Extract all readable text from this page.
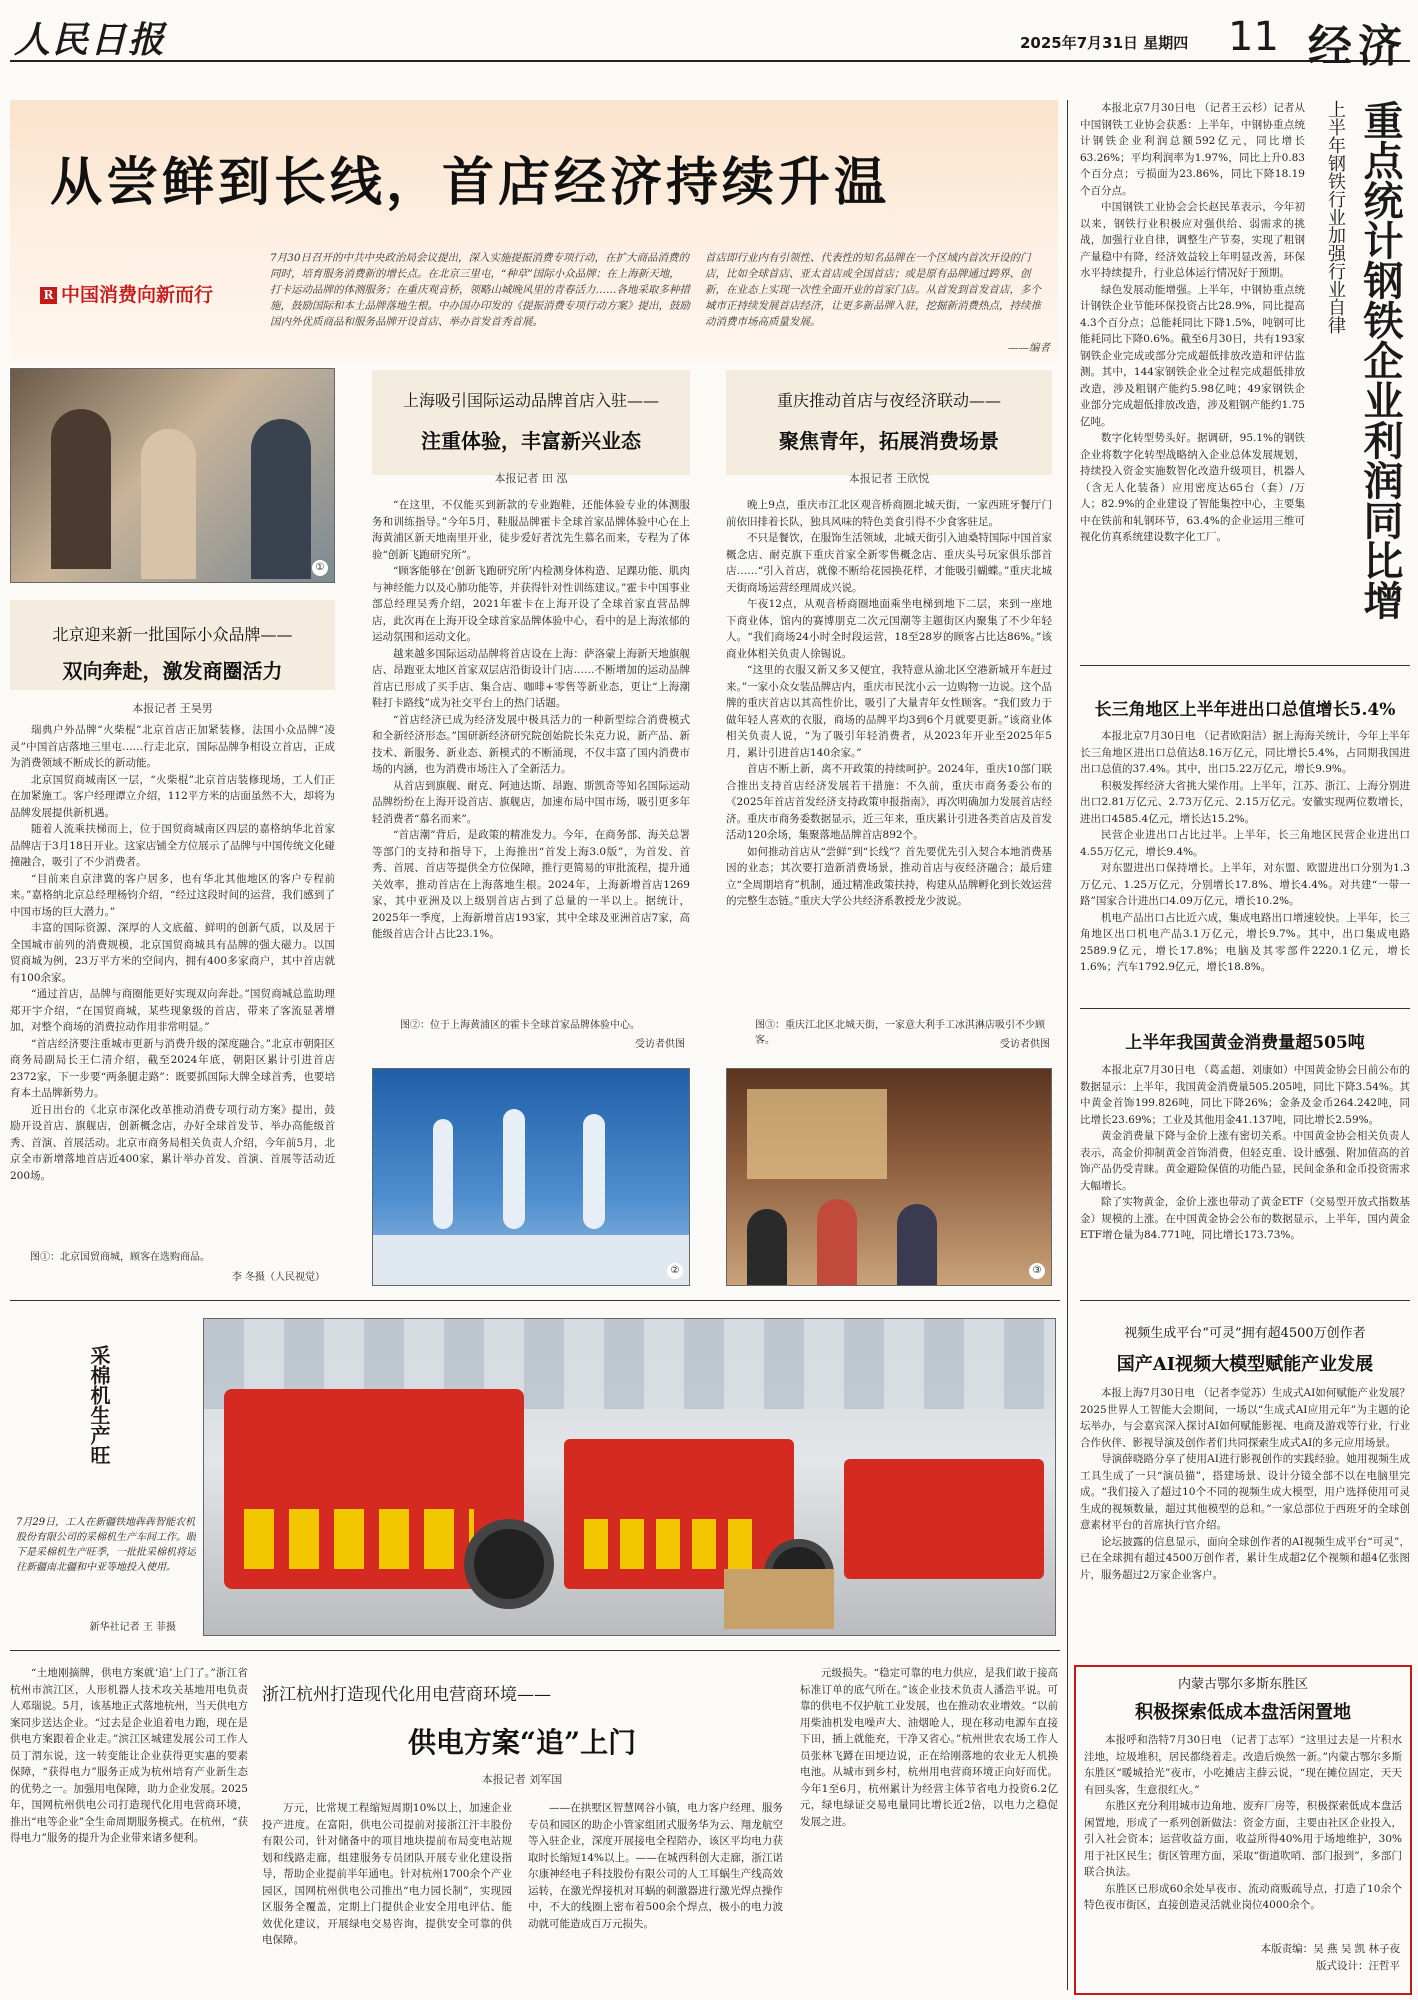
人民日报	2025年7月31日 星期四 11 经济
从尝鲜到长线，首店经济持续升温
R 中国消费向新而行
7月30日召开的中共中央政治局会议提出，深入实施提振消费专项行动，在扩大商品消费的同时，培育服务消费新的增长点。在北京三里屯，“种草”国际小众品牌；在上海新天地，打卡运动品牌的体测服务；在重庆观音桥，领略山城晚风里的青春活力……各地采取多种措施，鼓励国际和本土品牌落地生根。中办国办印发的《提振消费专项行动方案》提出，鼓励国内外优质商品和服务品牌开设首店、举办首发首秀首展。
首店即行业内有引领性、代表性的知名品牌在一个区域内首次开设的门店，比如全球首店、亚太首店或全国首店；或是原有品牌通过跨界、创新，在业态上实现一次性全面开业的首家门店。从首发到首发首店，多个城市正持续发展首店经济，让更多新品牌入驻，挖掘新消费热点，持续推动消费市场高质量发展。
——编者
①
北京迎来新一批国际小众品牌——
双向奔赴，激发商圈活力
本报记者 王昊男

瑞典户外品牌“火柴棍”北京首店正加紧装修，法国小众品牌“凌灵”中国首店落地三里屯……行走北京，国际品牌争相设立首店，正成为消费领域不断成长的新动能。

北京国贸商城南区一层，“火柴棍”北京首店装修现场，工人们正在加紧施工。客户经理谭立介绍，112平方米的店面虽然不大，却将为品牌发展提供新机遇。

随着人流乘扶梯而上，位于国贸商城南区四层的嘉格纳华北首家品牌店于3月18日开业。这家店铺全方位展示了品牌与中国传统文化碰撞融合，吸引了不少消费者。

“目前来自京津冀的客户居多，也有华北其他地区的客户专程前来。”嘉格纳北京总经理杨钧介绍，“经过这段时间的运营，我们感到了中国市场的巨大潜力。”

丰富的国际资源、深厚的人文底蕴、鲜明的创新气质，以及居于全国城市前列的消费规模，北京国贸商城具有品牌的强大磁力。以国贸商城为例，23万平方米的空间内，拥有400多家商户，其中首店就有100余家。

“通过首店，品牌与商圈能更好实现双向奔赴。”国贸商城总监助理郑开宇介绍，“在国贸商城，某些现象级的首店，带来了客流显著增加，对整个商场的消费拉动作用非常明显。”

“首店经济要注重城市更新与消费升级的深度融合。”北京市朝阳区商务局副局长王仁清介绍，截至2024年底，朝阳区累计引进首店2372家，下一步要“两条腿走路”：既要抓国际大牌全球首秀，也要培育本土品牌新势力。

近日出台的《北京市深化改革推动消费专项行动方案》提出，鼓励开设首店、旗舰店，创新概念店，办好全球首发节、举办高能级首秀、首演、首展活动。北京市商务局相关负责人介绍，今年前5月，北京全市新增落地首店近400家，累计举办首发、首演、首展等活动近200场。

图①：北京国贸商城，顾客在选购商品。
李 冬摄（人民视觉）
上海吸引国际运动品牌首店入驻——
注重体验，丰富新兴业态
本报记者 田 泓

“在这里，不仅能买到新款的专业跑鞋，还能体验专业的体测服务和训练指导。”今年5月，鞋服品牌霍卡全球首家品牌体验中心在上海黄浦区新天地南里开业，徒步爱好者沈先生慕名而来，专程为了体验“创新飞跑研究所”。

“顾客能够在‘创新飞跑研究所’内检测身体构造、足踝功能、肌肉与神经能力以及心肺功能等，并获得针对性训练建议。”霍卡中国事业部总经理吴秀介绍，2021年霍卡在上海开设了全球首家直营品牌店，此次再在上海开设全球首家品牌体验中心，看中的是上海浓郁的运动氛围和运动文化。

越来越多国际运动品牌将首店设在上海：萨洛蒙上海新天地旗舰店、昂跑亚太地区首家双层店沿街设计门店……不断增加的运动品牌首店已形成了买手店、集合店、咖啡+零售等新业态，更让“上海潮鞋打卡路线”成为社交平台上的热门话题。

“首店经济已成为经济发展中极具活力的一种新型综合消费模式和全新经济形态。”国研新经济研究院创始院长朱克力说，新产品、新技术、新服务、新业态、新模式的不断涌现，不仅丰富了国内消费市场的内涵，也为消费市场注入了全新活力。

从首店到旗舰、耐克、阿迪达斯、昂跑、斯凯奇等知名国际运动品牌纷纷在上海开设首店、旗舰店，加速布局中国市场，吸引更多年轻消费者“慕名而来”。

“首店潮”背后，是政策的精准发力。今年，在商务部、海关总署等部门的支持和指导下，上海推出“首发上海3.0版”，为首发、首秀、首展、首店等提供全方位保障，推行更简易的审批流程，提升通关效率，推动首店在上海落地生根。2024年，上海新增首店1269家，其中亚洲及以上级别首店占到了总量的一半以上。据统计，2025年一季度，上海新增首店193家，其中全球及亚洲首店7家，高能级首店合计占比23.1%。

图②：位于上海黄浦区的霍卡全球首家品牌体验中心。
受访者供图
②
重庆推动首店与夜经济联动——
聚焦青年，拓展消费场景
本报记者 王欣悦

晚上9点，重庆市江北区观音桥商圈北城天街，一家西班牙餐厅门前依旧排着长队，独具风味的特色美食引得不少食客驻足。

不只是餐饮，在服饰生活领域，北城天街引入迪桑特国际中国首家概念店、耐克旗下重庆首家全新零售概念店、重庆头号玩家俱乐部首店……“引入首店，就像不断给花园换花样，才能吸引蝴蝶。”重庆北城天街商场运营经理周成兴说。

午夜12点，从观音桥商圈地面乘坐电梯到地下二层，来到一座地下商业体，馆内的赛博朋克二次元国潮等主题街区内聚集了不少年轻人。“我们商场24小时全时段运营，18至28岁的顾客占比达86%。”该商业体相关负责人徐锡说。

“这里的衣服又新又多又便宜，我特意从渝北区空港新城开车赶过来。”一家小众女装品牌店内，重庆市民沈小云一边购物一边说。这个品牌的重庆首店以其高性价比，吸引了大量青年女性顾客。“我们致力于做年轻人喜欢的衣服，商场的品牌平均3到6个月就要更新。”该商业体相关负责人说，“为了吸引年轻消费者，从2023年开业至2025年5月，累计引进首店140余家。”

首店不断上新，离不开政策的持续呵护。2024年，重庆10部门联合推出支持首店经济发展若干措施：不久前，重庆市商务委公布的《2025年首店首发经济支持政策申报指南》，再次明确加力发展首店经济。重庆市商务委数据显示，近三年来，重庆累计引进各类首店及首发活动120余场，集聚落地品牌首店892个。

如何推动首店从“尝鲜”到“长线”？首先要优先引入契合本地消费基因的业态；其次要打造新消费场景，推动首店与夜经济融合；最后建立“全周期培育”机制，通过精准政策扶持，构建从品牌孵化到长效运营的完整生态链。”重庆大学公共经济系教授龙少波说。

图③：重庆江北区北城天街，一家意大利手工冰淇淋店吸引不少顾客。	受访者供图
③

本报北京7月30日电 （记者王云杉）记者从中国钢铁工业协会获悉：上半年，中钢协重点统计钢铁企业利润总额592亿元，同比增长63.26%；平均利润率为1.97%，同比上升0.83个百分点；亏损面为23.86%，同比下降18.19个百分点。

中国钢铁工业协会会长赵民革表示，今年初以来，钢铁行业积极应对强供给、弱需求的挑战，加强行业自律，调整生产节奏，实现了粗钢产量稳中有降，经济效益较上年明显改善，环保水平持续提升，行业总体运行情况好于预期。

绿色发展动能增强。上半年，中钢协重点统计钢铁企业节能环保投资占比28.9%，同比提高4.3个百分点；总能耗同比下降1.5%，吨钢可比能耗同比下降0.6%。截至6月30日，共有193家钢铁企业完成或部分完成超低排放改造和评估监测。其中，144家钢铁企业全过程完成超低排放改造，涉及粗钢产能约5.98亿吨；49家钢铁企业部分完成超低排放改造，涉及粗钢产能约1.75亿吨。

数字化转型势头好。据调研，95.1%的钢铁企业将数字化转型战略纳入企业总体发展规划，持续投入资金实施数智化改造升级项目，机器人（含无人化装备）应用密度达65台（套）/万人；82.9%的企业建设了智能集控中心，主要集中在铁前和轧钢环节，63.4%的企业运用三维可视化仿真系统建设数字化工厂。

重点统计钢铁企业利润同比增
上半年钢铁行业加强行业自律
长三角地区上半年进出口总值增长5.4%

本报北京7月30日电 （记者欧阳洁）据上海海关统计，今年上半年长三角地区进出口总值达8.16万亿元，同比增长5.4%，占同期我国进出口总值的37.4%。其中，出口5.22万亿元，增长9.9%。

积极发挥经济大省挑大梁作用。上半年，江苏、浙江、上海分别进出口2.81万亿元、2.73万亿元、2.15万亿元。安徽实现两位数增长，进出口4585.4亿元，增长达15.2%。

民营企业进出口占比过半。上半年，长三角地区民营企业进出口4.55万亿元，增长9.4%。

对东盟进出口保持增长。上半年，对东盟、欧盟进出口分别为1.3万亿元、1.25万亿元，分别增长17.8%、增长4.4%。对共建“一带一路”国家合计进出口4.09万亿元，增长10.2%。

机电产品出口占比近六成，集成电路出口增速较快。上半年，长三角地区出口机电产品3.1万亿元，增长9.7%。其中，出口集成电路2589.9亿元，增长17.8%；电脑及其零部件2220.1亿元，增长1.6%；汽车1792.9亿元，增长18.8%。

上半年我国黄金消费量超505吨

本报北京7月30日电 （葛孟超、刘康如）中国黄金协会日前公布的数据显示：上半年，我国黄金消费量505.205吨，同比下降3.54%。其中黄金首饰199.826吨，同比下降26%；金条及金币264.242吨，同比增长23.69%；工业及其他用金41.137吨，同比增长2.59%。

黄金消费量下降与金价上涨有密切关系。中国黄金协会相关负责人表示，高金价抑制黄金首饰消费，但轻克重、设计感强、附加值高的首饰产品仍受青睐。黄金避险保值的功能凸显，民间金条和金币投资需求大幅增长。

除了实物黄金，金价上涨也带动了黄金ETF（交易型开放式指数基金）规模的上涨。在中国黄金协会公布的数据显示，上半年，国内黄金ETF增仓量为84.771吨，同比增长173.73%。

视频生成平台“可灵”拥有超4500万创作者
国产AI视频大模型赋能产业发展

本报上海7月30日电 （记者李觉苏）生成式AI如何赋能产业发展？2025世界人工智能大会期间，一场以“生成式AI应用元年”为主题的论坛举办，与会嘉宾深入探讨AI如何赋能影视、电商及游戏等行业，行业合作伙伴、影视导演及创作者们共同探索生成式AI的多元应用场景。

导演薛晓路分享了使用AI进行影视创作的实践经验。她用视频生成工具生成了一只“演员猫”，搭建场景、设计分镜全部不以在电脑里完成。“我们接入了超过10个不同的视频生成大模型，用户选择使用可灵生成的视频数量，超过其他模型的总和。”一家总部位于西班牙的全球创意素材平台的首席执行官介绍。

论坛披露的信息显示，面向全球创作者的AI视频生成平台“可灵”，已在全球拥有超过4500万创作者，累计生成超2亿个视频和超4亿张图片，服务超过2万家企业客户。

内蒙古鄂尔多斯东胜区
积极探索低成本盘活闲置地

本报呼和浩特7月30日电 （记者丁志军）“这里过去是一片积水洼地，垃圾堆积，居民都绕着走。改造后焕然一新。”内蒙古鄂尔多斯东胜区“暖城拾光”夜市，小吃摊店主薛云说，“现在摊位固定，天天有回头客，生意很红火。”

东胜区充分利用城市边角地、废弃厂房等，积极探索低成本盘活闲置地，形成了一系列创新做法：资金方面，主要由社区企业投入，引入社会资本；运营收益方面，收益所得40%用于场地维护，30%用于社区民生；街区管理方面，采取“街道吹哨、部门报到”，多部门联合执法。

东胜区已形成60余处早夜市、流动商贩疏导点，打造了10余个特色夜市街区，直接创造灵活就业岗位4000余个。

本版责编：吴 燕 吴 凯 林子夜
版式设计：汪哲平
采棉机生产旺
7月29日，工人在新疆铁地犇犇智能农机股份有限公司的采棉机生产车间工作。眼下是采棉机生产旺季，一批批采棉机将运往新疆南北疆和中亚等地投入使用。
新华社记者 王 菲摄

“土地刚摘牌，供电方案就‘追’上门了。”浙江省杭州市滨江区，人形机器人技术攻关基地用电负责人邓瑞说。5月，该基地正式落地杭州，当天供电方案同步送达企业。“过去是企业追着电力跑，现在是供电方案跟着企业走。”滨江区城建发展公司工作人员丁渭东说，这一转变能让企业获得更实惠的要素保障，“获得电力”服务正成为杭州培育产业新生态的优势之一。加强用电保障，助力企业发展。2025年，国网杭州供电公司打造现代化用电营商环境，推出“电等企业”全生命周期服务模式。在杭州，“获得电力”服务的提升为企业带来诸多便利。

浙江杭州打造现代化用电营商环境——
供电方案“追”上门
本报记者 刘军国

万元，比常规工程缩短周期10%以上，加速企业投产进度。在富阳，供电公司提前对接浙江汗丰股份有限公司，针对储备中的项目地块提前布局变电站规划和线路走廊，组建服务专员团队开展专业化建设指导，帮助企业提前半年通电。针对杭州1700余个产业园区，国网杭州供电公司推出“电力园长制”，实现园区服务全覆盖，定期上门提供企业安全用电评估、能效优化建议，开展绿电交易咨询，提供安全可靠的供电保障。

——在拱墅区智慧网谷小镇，电力客户经理、服务专员和园区的助企小管家组团式服务华为云、翔龙航空等入驻企业，深度开展接电全程陪办，该区平均电力获取时长缩短14%以上。——在城西科创大走廊，浙江诺尔康神经电子科技股份有限公司的人工耳蜗生产线高效运转，在激光焊接机对耳蜗的刺激器进行激光焊点操作中，不大的线圈上密布着500余个焊点，极小的电力波动就可能造成百万元损失。

元级损失。“稳定可靠的电力供应，是我们敢于接高标准订单的底气所在。”该企业技术负责人潘浩平说。可靠的供电不仅护航工业发展，也在推动农业增效。“以前用柴油机发电噪声大、油烟呛人，现在移动电源车直接下田，插上就能充，干净又省心。”杭州世农农场工作人员张林飞蹲在田埂边说，正在给刚落地的农业无人机换电池。从城市到乡村，杭州用电营商环境正向好而优。今年1至6月，杭州累计为经营主体节省电力投资6.2亿元，绿电绿证交易电量同比增长近2倍，以电力之稳促发展之进。
